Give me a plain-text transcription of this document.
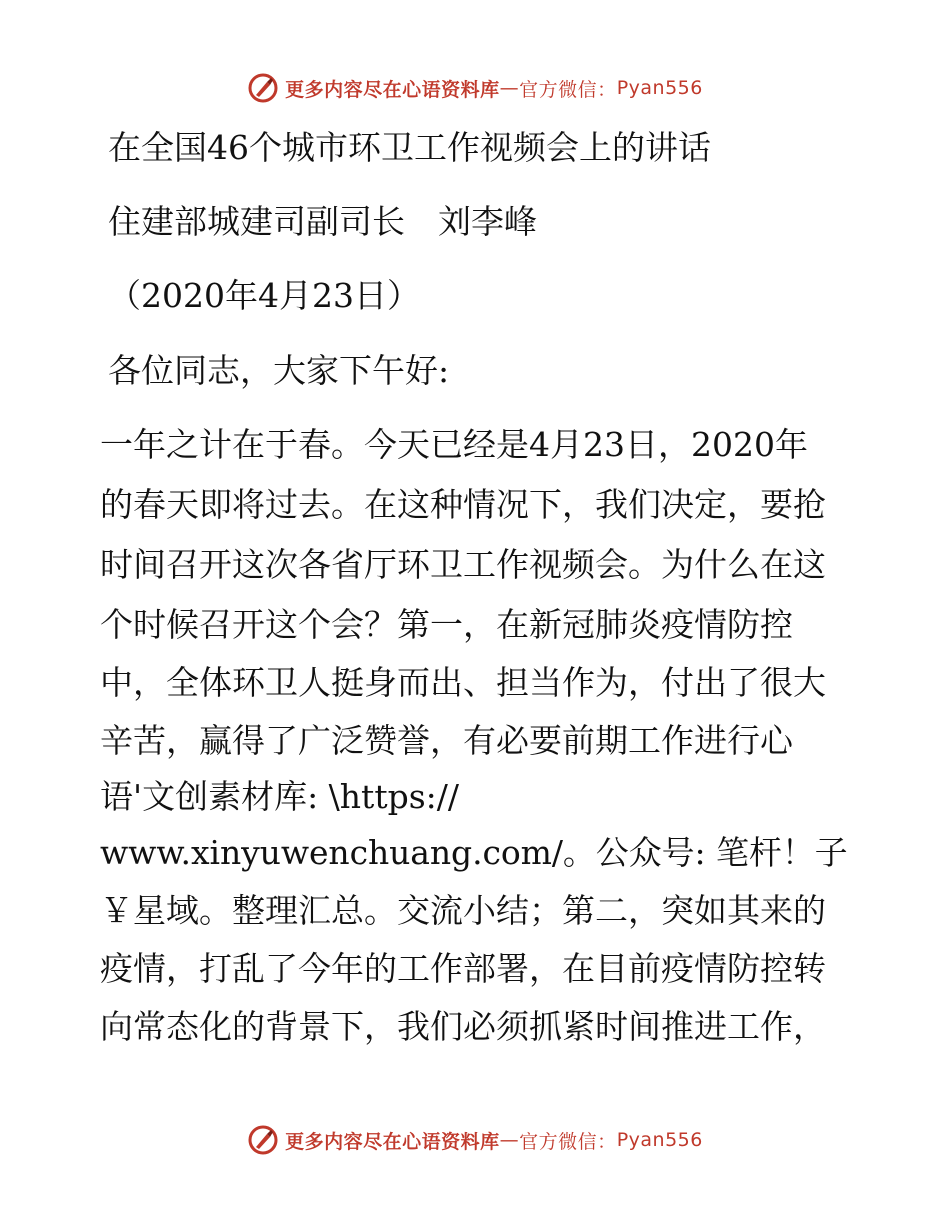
更多内容尽在心语资料库 — 官方微信： Pyan556
在全国46个城市环卫工作视频会上的讲话
住建部城建司副司长　刘李峰
（2020年4月23日）
各位同志，大家下午好:
一年之计在于春。今天已经是4月23日，2020年
的春天即将过去。在这种情况下，我们决定，要抢
时间召开这次各省厅环卫工作视频会。为什么在这
个时候召开这个会？第一，在新冠肺炎疫情防控
中，全体环卫人挺身而出、担当作为，付出了很大
辛苦，赢得了广泛赞誉，有必要前期工作进行心
语'文创素材库: \https://
www.xinyuwenchuang.com/。公众号: 笔杆！子
￥星域。整理汇总。交流小结；第二，突如其来的
疫情，打乱了今年的工作部署，在目前疫情防控转
向常态化的背景下，我们必须抓紧时间推进工作，
更多内容尽在心语资料库 — 官方微信： Pyan556
